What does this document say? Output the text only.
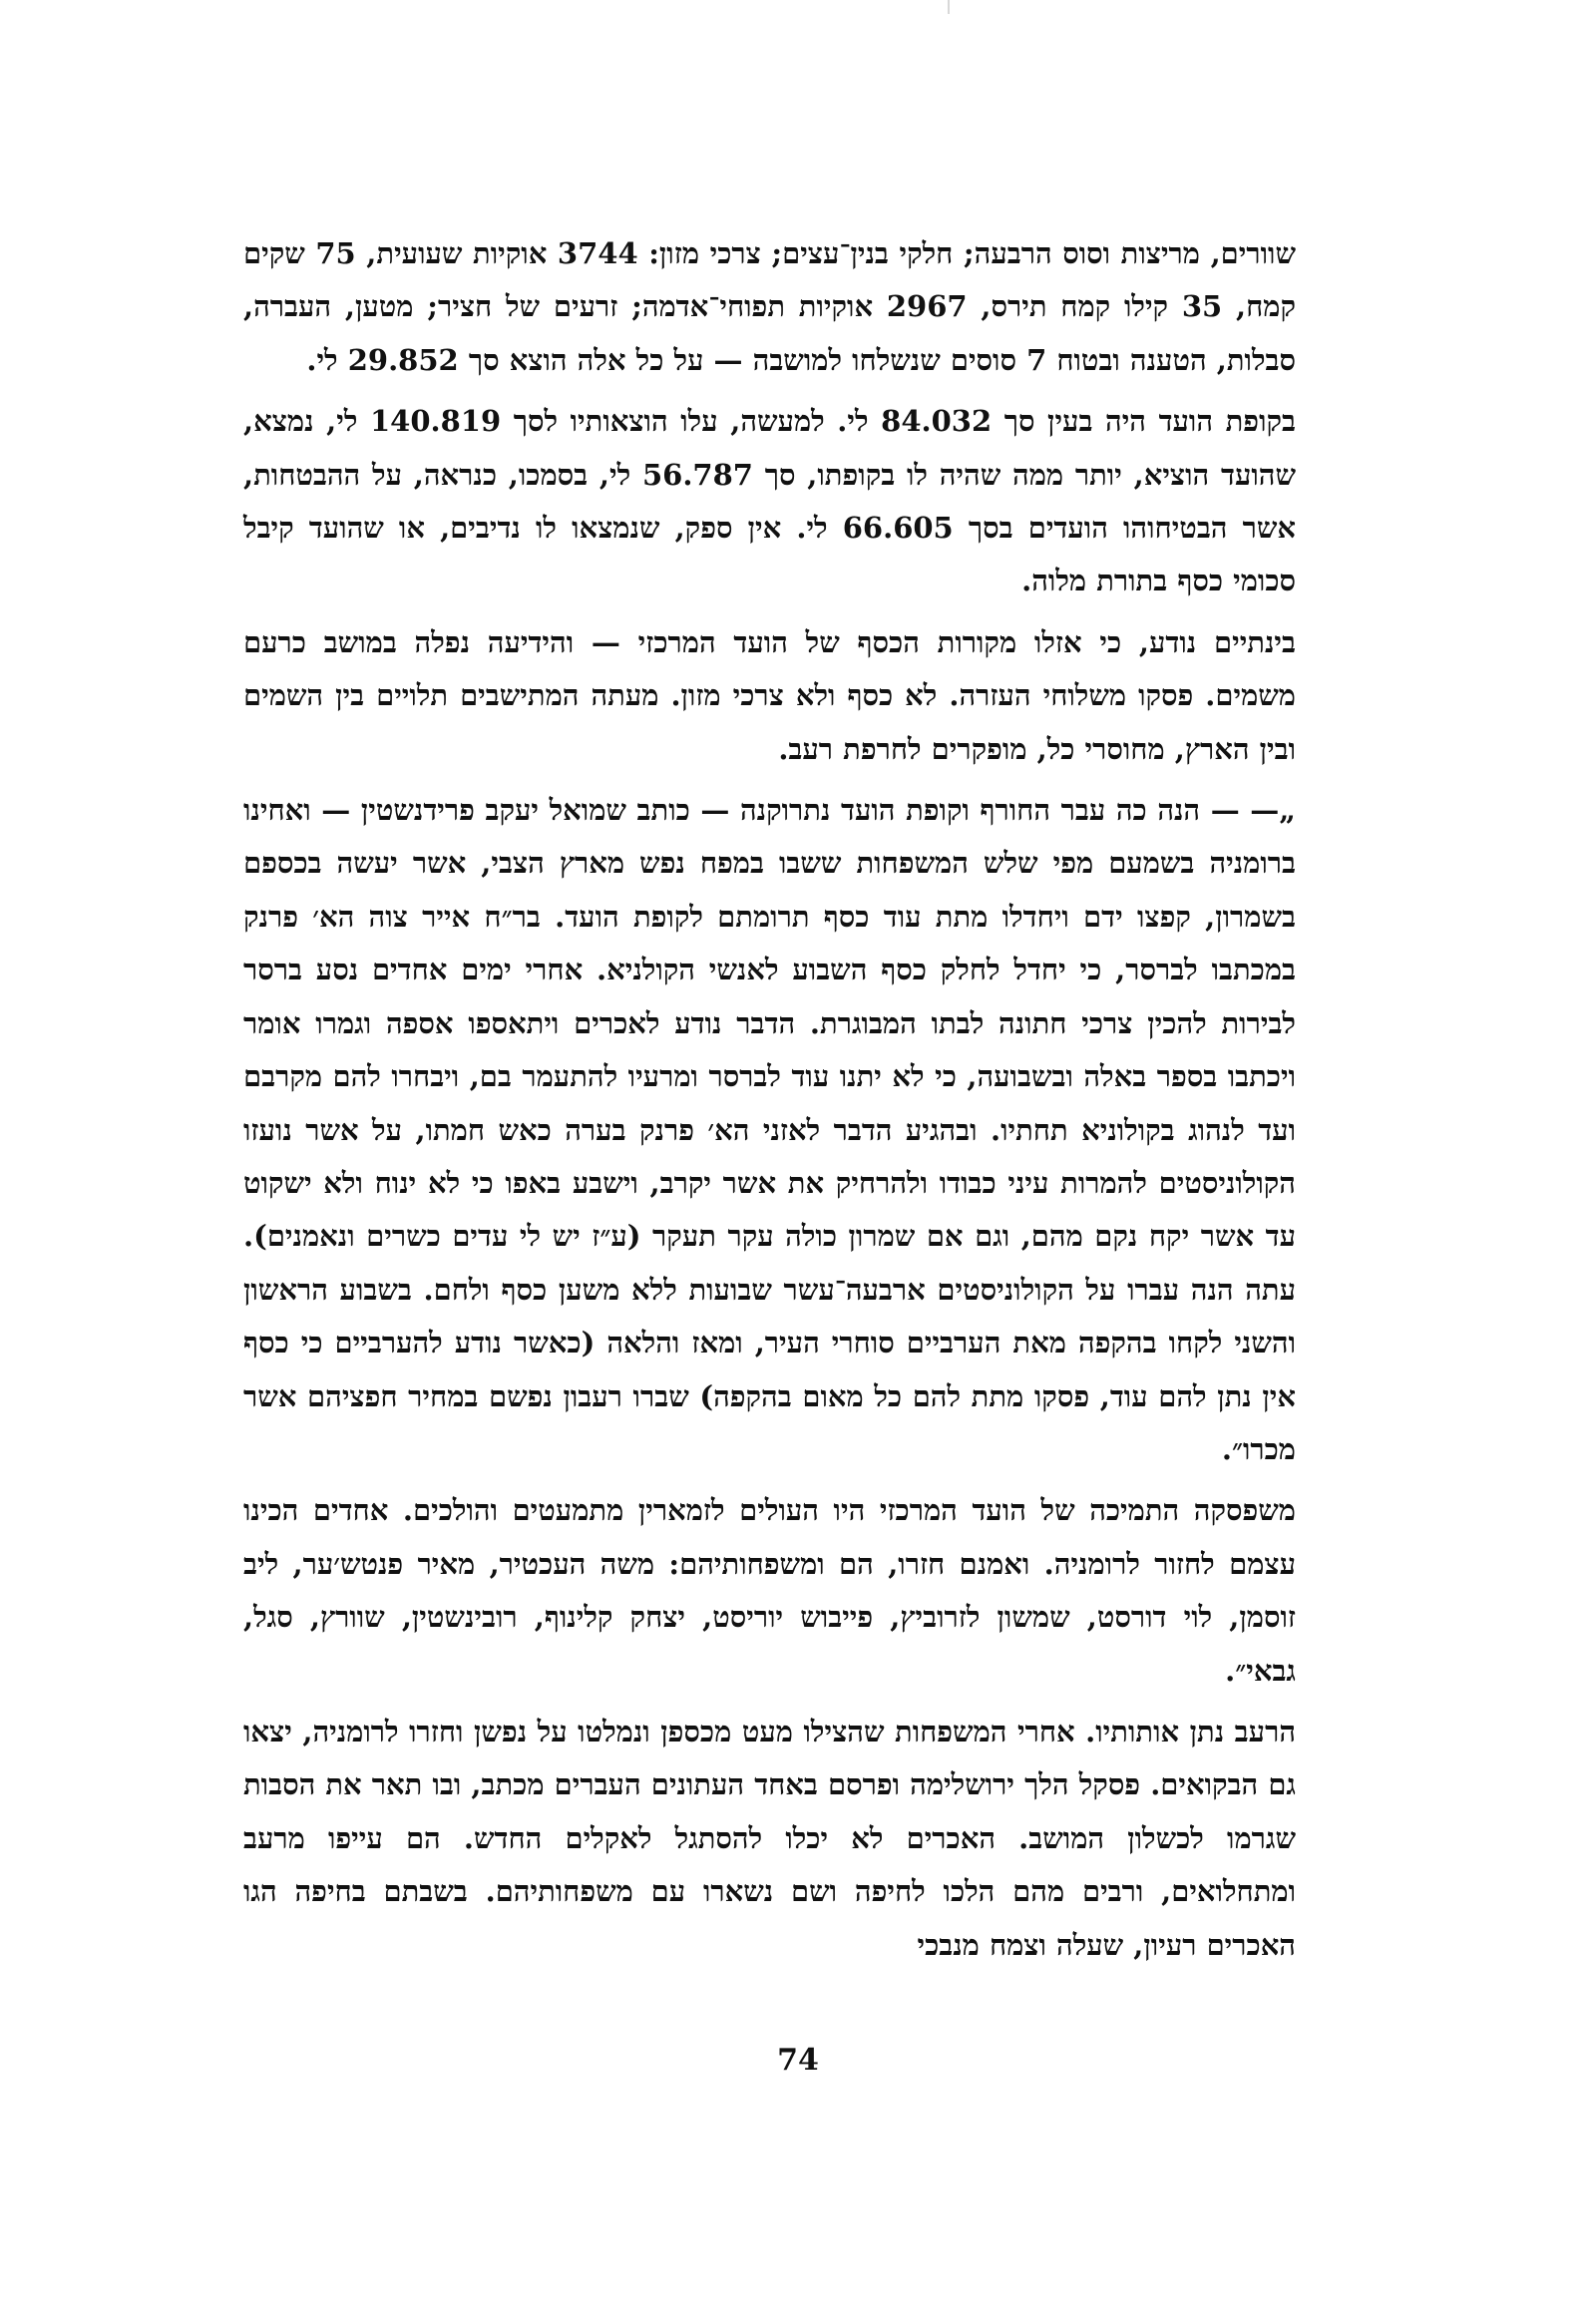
שוורים, מריצות וסוס הרבעה; חלקי בנין־עצים; צרכי מזון: 3744 אוקיות שעועית, 75 שקים קמח, 35 קילו קמח תירס, 2967 אוקיות תפוחי־אדמה; זרעים של חציר; מטען, העברה, סבלות, הטענה ובטוח 7 סוסים שנשלחו למושבה — על כל אלה הוצא סך 29.852 לי.

בקופת הועד היה בעין סך 84.032 לי. למעשה, עלו הוצאותיו לסך 140.819 לי, נמצא, שהועד הוציא, יותר ממה שהיה לו בקופתו, סך 56.787 לי, בסמכו, כנראה, על ההבטחות, אשר הבטיחוהו הועדים בסך 66.605 לי. אין ספק, שנמצאו לו נדיבים, או שהועד קיבל סכומי כסף בתורת מלוה.

בינתיים נודע, כי אזלו מקורות הכסף של הועד המרכזי — והידיעה נפלה במושב כרעם משמים. פסקו משלוחי העזרה. לא כסף ולא צרכי מזון. מעתה המתישבים תלויים בין השמים ובין הארץ, מחוסרי כל, מופקרים לחרפת רעב.

„— — הנה כה עבר החורף וקופת הועד נתרוקנה — כותב שמואל יעקב פרידנשטין — ואחינו ברומניה בשמעם מפי שלש המשפחות ששבו במפח נפש מארץ הצבי, אשר יעשה בכספם בשמרון, קפצו ידם ויחדלו מתת עוד כסף תרומתם לקופת הועד. בר״ח אייר צוה הא׳ פרנק במכתבו לברסר, כי יחדל לחלק כסף השבוע לאנשי הקולניא. אחרי ימים אחדים נסע ברסר לבירות להכין צרכי חתונה לבתו המבוגרת. הדבר נודע לאכרים ויתאספו אספה וגמרו אומר ויכתבו בספר באלה ובשבועה, כי לא יתנו עוד לברסר ומרעיו להתעמר בם, ויבחרו להם מקרבם ועד לנהוג בקולוניא תחתיו. ובהגיע הדבר לאזני הא׳ פרנק בערה כאש חמתו, על אשר נועזו הקולוניסטים להמרות עיני כבודו ולהרחיק את אשר יקרב, וישבע באפו כי לא ינוח ולא ישקוט עד אשר יקח נקם מהם, וגם אם שמרון כולה עקר תעקר (ע״ז יש לי עדים כשרים ונאמנים). עתה הנה עברו על הקולוניסטים ארבעה־עשר שבועות ללא משען כסף ולחם. בשבוע הראשון והשני לקחו בהקפה מאת הערביים סוחרי העיר, ומאז והלאה (כאשר נודע להערביים כי כסף אין נתן להם עוד, פסקו מתת להם כל מאום בהקפה) שברו רעבון נפשם במחיר חפציהם אשר מכרו״.

משפסקה התמיכה של הועד המרכזי היו העולים לזמארין מתמעטים והולכים. אחדים הכינו עצמם לחזור לרומניה. ואמנם חזרו, הם ומשפחותיהם: משה העכטיר, מאיר פנטש׳ער, ליב זוסמן, לוי דורסט, שמשון לזרוביץ, פייבוש יוריסט, יצחק קלינוף, רובינשטין, שוורץ, סגל, גבאי״.

הרעב נתן אותותיו. אחרי המשפחות שהצילו מעט מכספן ונמלטו על נפשן וחזרו לרומניה, יצאו גם הבקואים. פסקל הלך ירושלימה ופרסם באחד העתונים העברים מכתב, ובו תאר את הסבות שגרמו לכשלון המושב. האכרים לא יכלו להסתגל לאקלים החדש. הם עייפו מרעב ומתחלואים, ורבים מהם הלכו לחיפה ושם נשארו עם משפחותיהם. בשבתם בחיפה הגו האכרים רעיון, שעלה וצמח מנבכי

74
